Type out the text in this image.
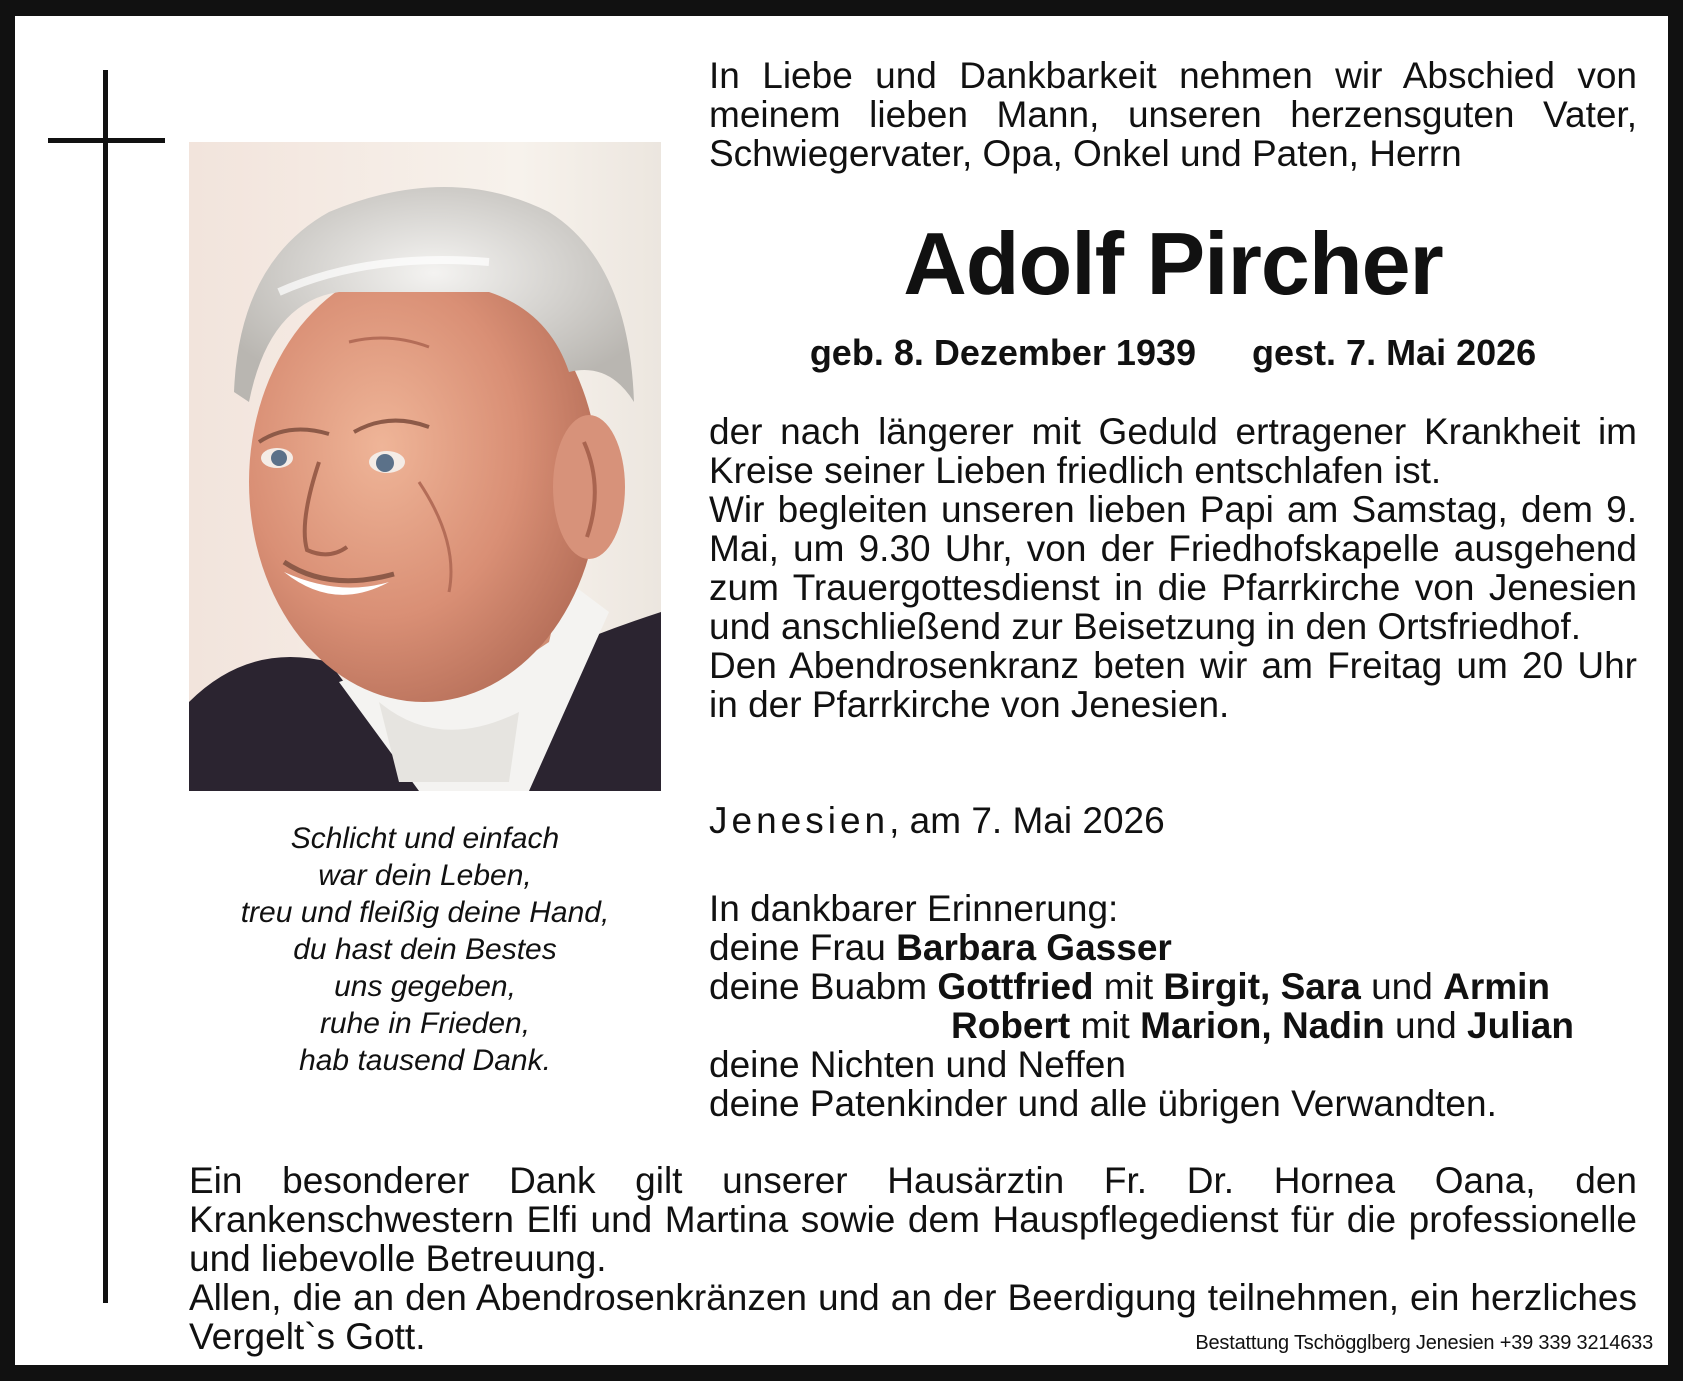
Schlicht und einfach
war dein Leben,
treu und fleißig deine Hand,
du hast dein Bestes
uns gegeben,
ruhe in Frieden,
hab tausend Dank.
In Liebe und Dankbarkeit nehmen wir Abschied von meinem lieben Mann, unseren herzensguten Vater, Schwiegervater, Opa, Onkel und Paten, Herrn
Adolf Pircher
geb. 8. Dezember 1939 gest. 7. Mai 2026

der nach längerer mit Geduld ertragener Krankheit im Kreise seiner Lieben friedlich entschlafen ist.

Wir begleiten unseren lieben Papi am Samstag, dem 9. Mai, um 9.30 Uhr, von der Friedhofskapelle ausgehend zum Trauergottesdienst in die Pfarrkirche von Jenesien und anschließend zur Beisetzung in den Ortsfriedhof.

Den Abendrosenkranz beten wir am Freitag um 20 Uhr in der Pfarrkirche von Jenesien.

Jenesien, am 7. Mai 2026
In dankbarer Erinnerung:
deine Frau Barbara Gasser
deine Buabm Gottfried mit Birgit, Sara und Armin
Robert mit Marion, Nadin und Julian
deine Nichten und Neffen
deine Patenkinder und alle übrigen Verwandten.

Ein besonderer Dank gilt unserer Hausärztin Fr. Dr. Hornea Oana, den Krankenschwestern Elfi und Martina sowie dem Hauspflegedienst für die professionelle und liebevolle Betreuung.

Allen, die an den Abendrosenkränzen und an der Beerdigung teilnehmen, ein herzliches Vergelt`s Gott.	Bestattung Tschögglberg Jenesien +39 339 3214633
